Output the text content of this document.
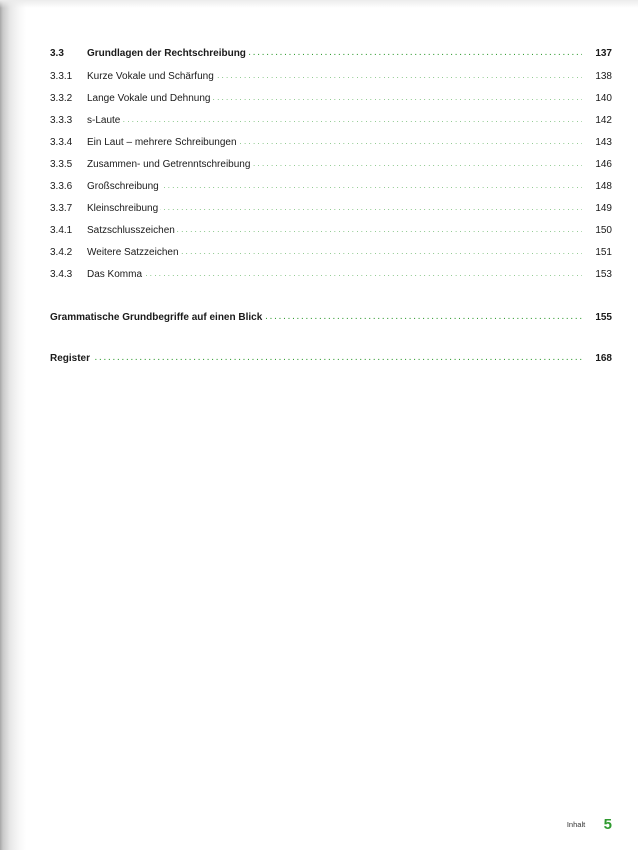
3.3 Grundlagen der Rechtschreibung . . .	137
3.3.1 Kurze Vokale und Schärfung . . .	138
3.3.2 Lange Vokale und Dehnung . . .	140
3.3.3 s-Laute . . .	142
3.3.4 Ein Laut – mehrere Schreibungen . . .	143
3.3.5 Zusammen- und Getrenntschreibung . . .	146
3.3.6 Großschreibung . . .	148
3.3.7 Kleinschreibung . . .	149
3.4.1 Satzschlusszeichen . . .	150
3.4.2 Weitere Satzzeichen . . .	151
3.4.3 Das Komma . . .	153
Grammatische Grundbegriffe auf einen Blick . . .	155
Register . . .	168
Inhalt 5
